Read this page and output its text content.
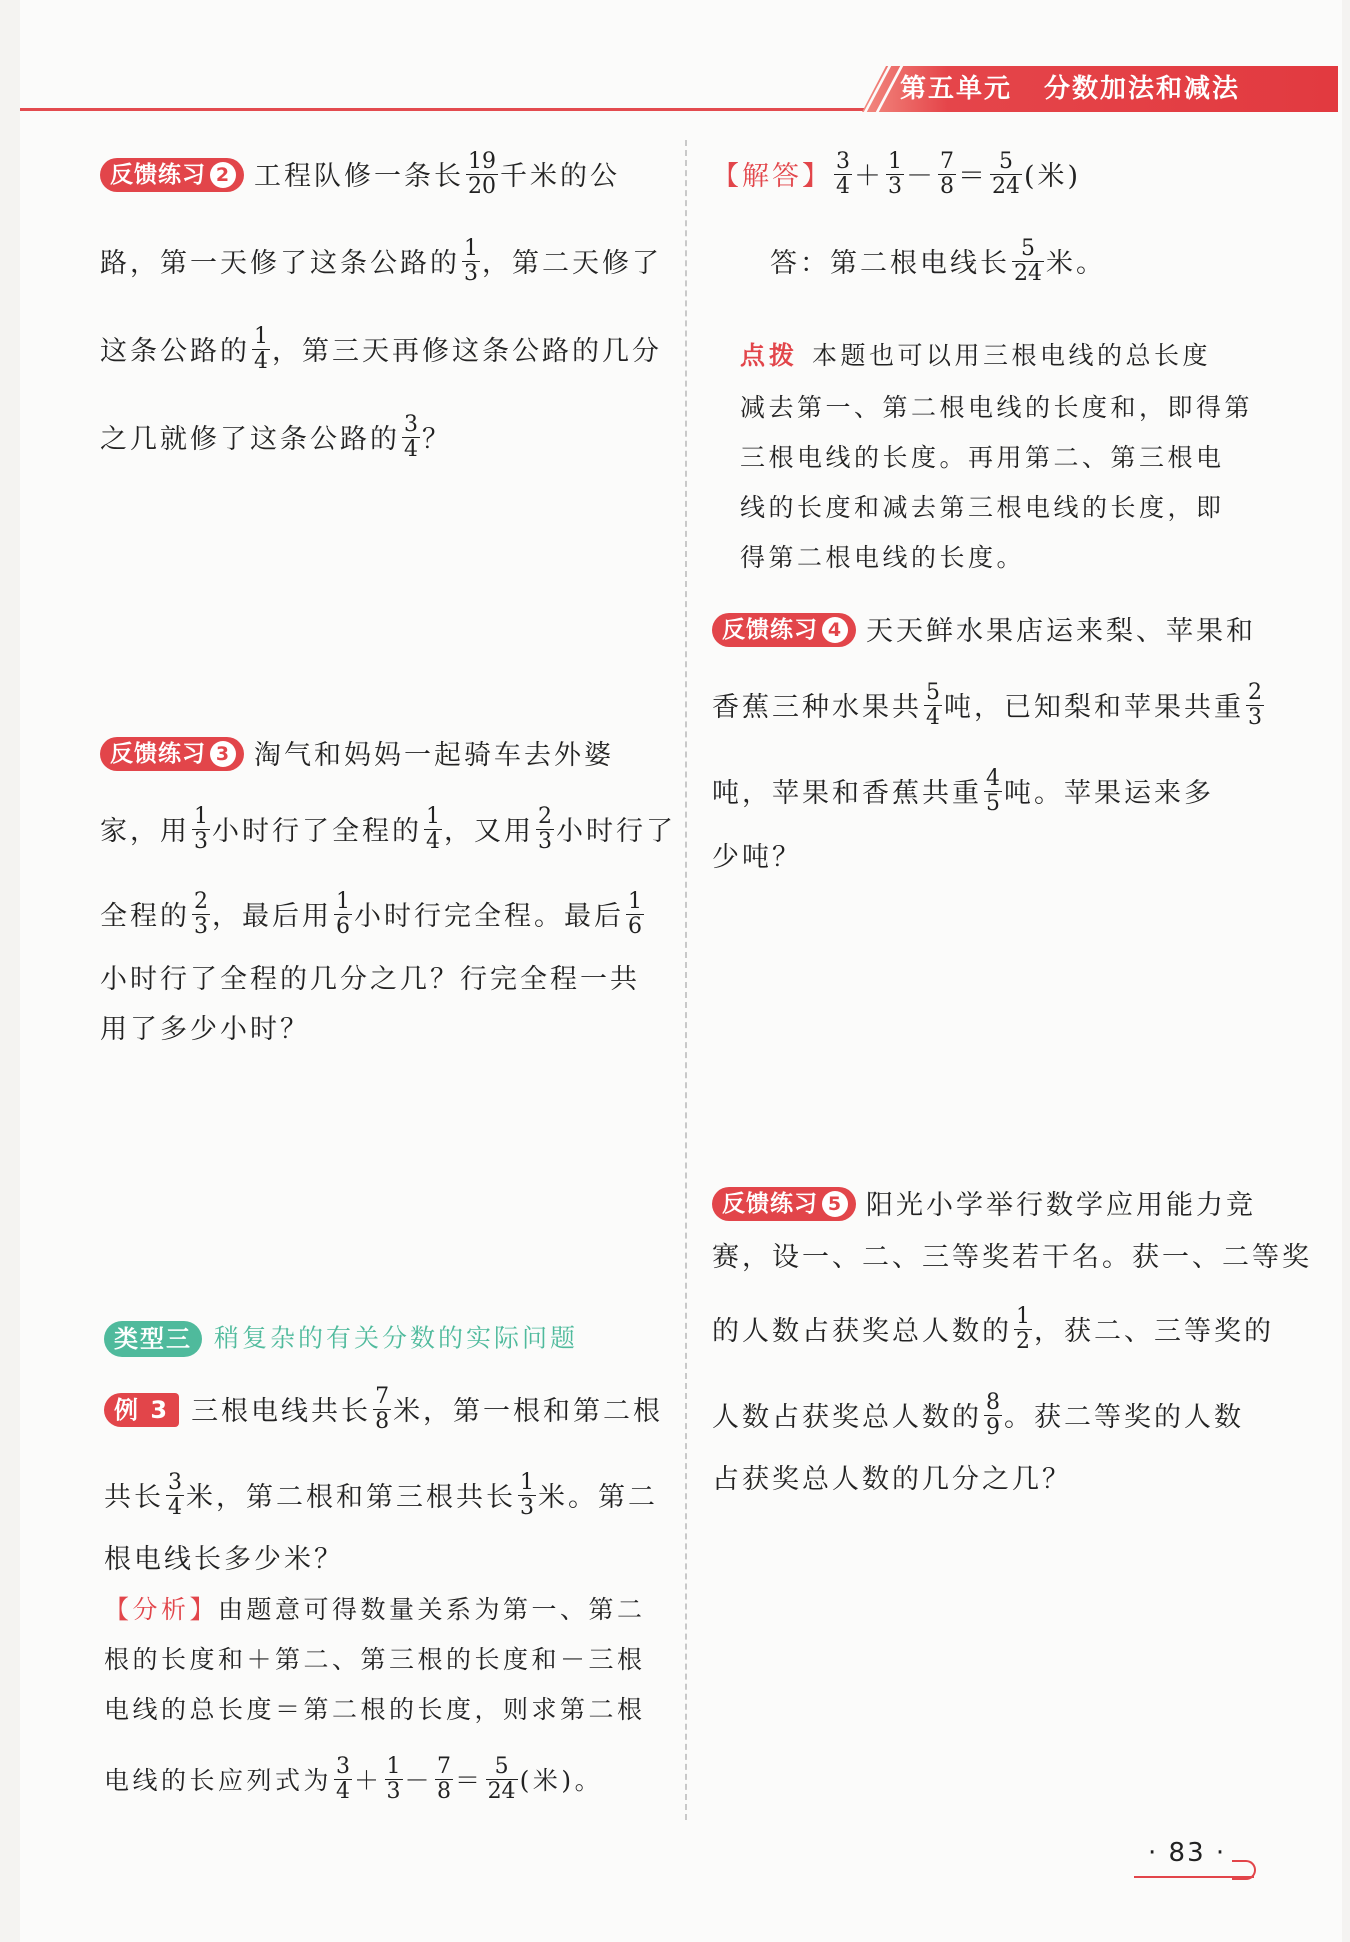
第五单元 分数加法和减法
反馈练习 2 工程队修一条长 $\frac{19}{20}$ 千米的公
路，第一天修了这条公路的 $\frac{1}{3}$ ，第二天修了
这条公路的 $\frac{1}{4}$ ，第三天再修这条公路的几分
之几就修了这条公路的 $\frac{3}{4}$ ？
反馈练习 3 淘气和妈妈一起骑车去外婆
家，用 $\frac{1}{3}$ 小时行了全程的 $\frac{1}{4}$ ，又用 $\frac{2}{3}$ 小时行了
全程的 $\frac{2}{3}$ ，最后用 $\frac{1}{6}$ 小时行完全程。最后 $\frac{1}{6}$
小时行了全程的几分之几？行完全程一共
用了多少小时？
类型三 稍复杂的有关分数的实际问题
例 3 三根电线共长 $\frac{7}{8}$ 米，第一根和第二根
共长 $\frac{3}{4}$ 米，第二根和第三根共长 $\frac{1}{3}$ 米。第二
根电线长多少米？
【分析】由题意可得数量关系为第一、第二
根的长度和＋第二、第三根的长度和－三根
电线的总长度＝第二根的长度，则求第二根
电线的长应列式为 $\frac{3}{4} + \frac{1}{3} - \frac{7}{8} = \frac{5}{24}$ (米)。
【解答】 $\frac{3}{4} + \frac{1}{3} - \frac{7}{8} = \frac{5}{24}$ (米)
答：第二根电线长 $\frac{5}{24}$ 米。
点拨 本题也可以用三根电线的总长度
减去第一、第二根电线的长度和，即得第
三根电线的长度。再用第二、第三根电
线的长度和减去第三根电线的长度，即
得第二根电线的长度。
反馈练习 4 天天鲜水果店运来梨、苹果和
香蕉三种水果共 $\frac{5}{4}$ 吨，已知梨和苹果共重 $\frac{2}{3}$
吨，苹果和香蕉共重 $\frac{4}{5}$ 吨。苹果运来多
少吨？
反馈练习 5 阳光小学举行数学应用能力竞
赛，设一、二、三等奖若干名。获一、二等奖
的人数占获奖总人数的 $\frac{1}{2}$ ，获二、三等奖的
人数占获奖总人数的 $\frac{8}{9}$ 。获二等奖的人数
占获奖总人数的几分之几？
· 83 ·
